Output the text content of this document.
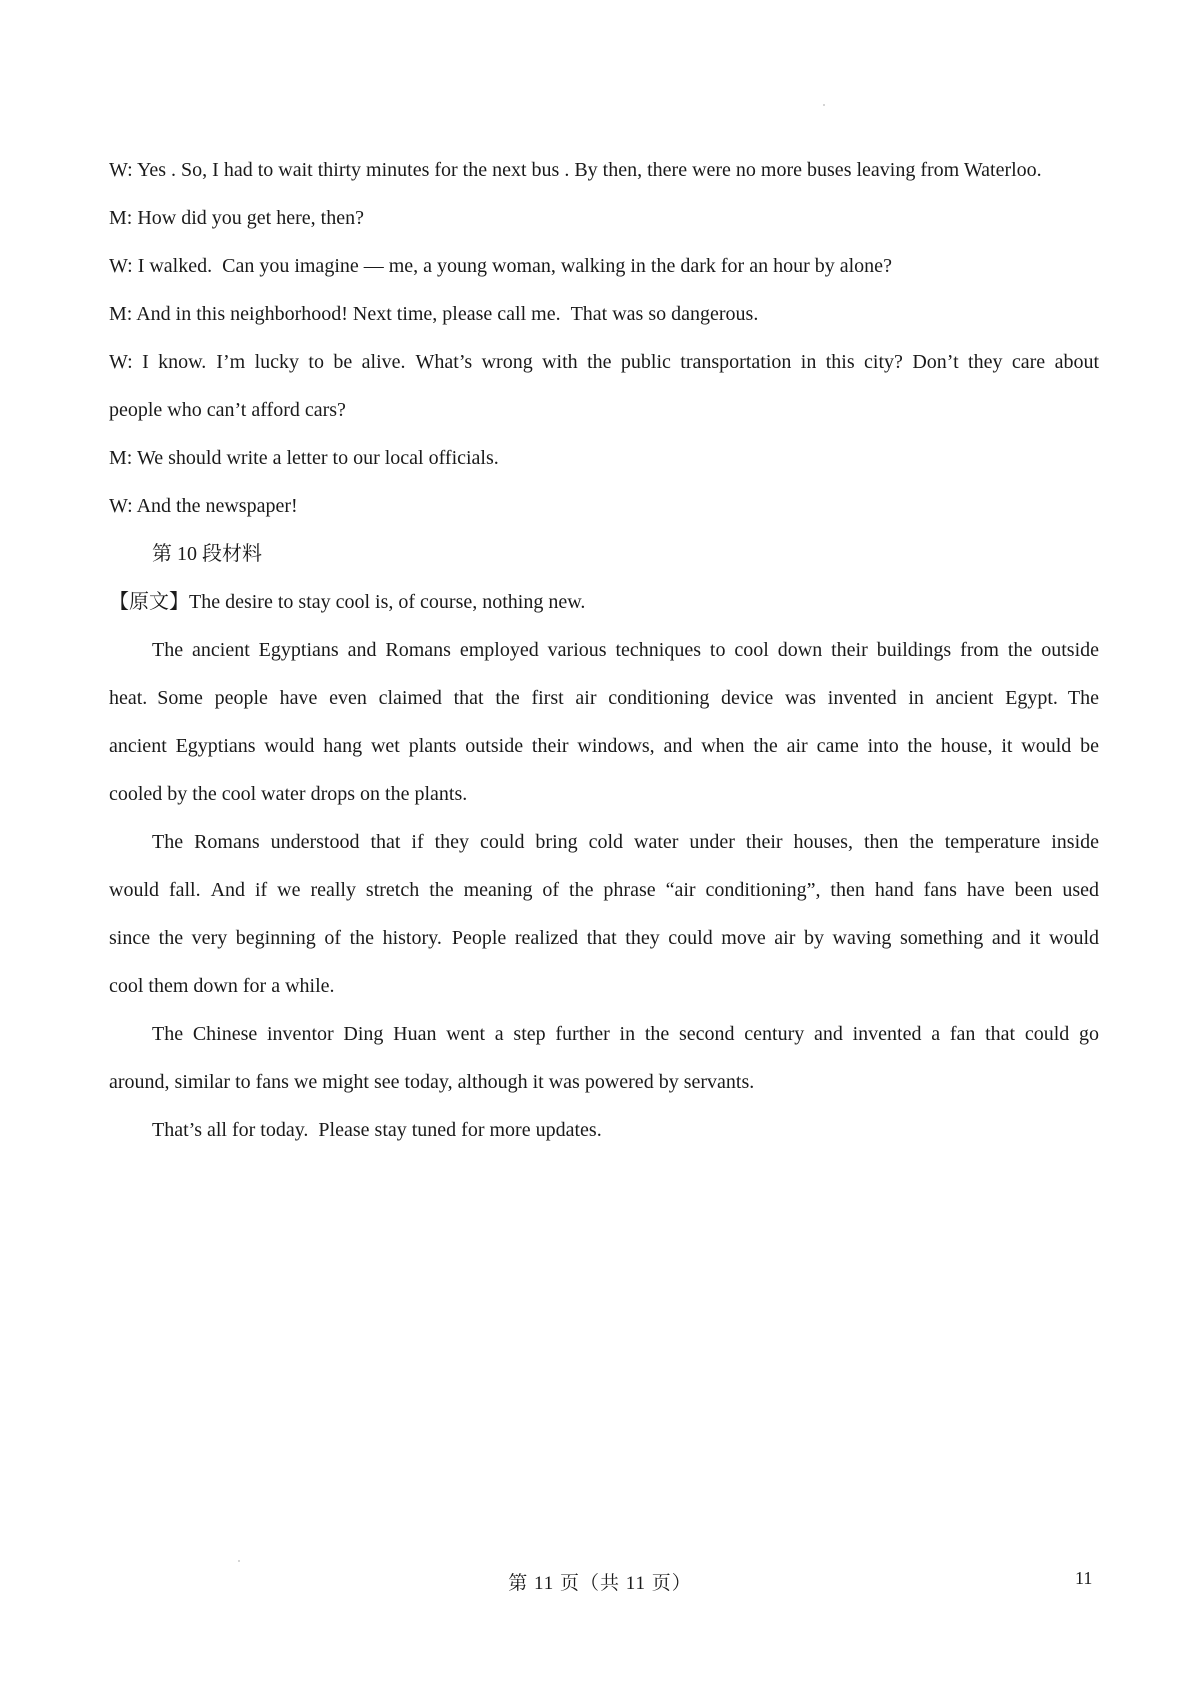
W: Yes . So, I had to wait thirty minutes for the next bus . By then, there were no more buses leaving from Waterloo.

M: How did you get here, then?

W: I walked. Can you imagine — me, a young woman, walking in the dark for an hour by alone?

M: And in this neighborhood! Next time, please call me. That was so dangerous.

W: I know. I’m lucky to be alive. What’s wrong with the public transportation in this city? Don’t they care about

people who can’t afford cars?

M: We should write a letter to our local officials.

W: And the newspaper!

第 10 段材料

【原文】The desire to stay cool is, of course, nothing new.

The ancient Egyptians and Romans employed various techniques to cool down their buildings from the outside

heat. Some people have even claimed that the first air conditioning device was invented in ancient Egypt. The

ancient Egyptians would hang wet plants outside their windows, and when the air came into the house, it would be

cooled by the cool water drops on the plants.

The Romans understood that if they could bring cold water under their houses, then the temperature inside

would fall. And if we really stretch the meaning of the phrase “air conditioning”, then hand fans have been used

since the very beginning of the history. People realized that they could move air by waving something and it would

cool them down for a while.

The Chinese inventor Ding Huan went a step further in the second century and invented a fan that could go

around, similar to fans we might see today, although it was powered by servants.

That’s all for today. Please stay tuned for more updates.

第 11 页（共 11 页）	11
